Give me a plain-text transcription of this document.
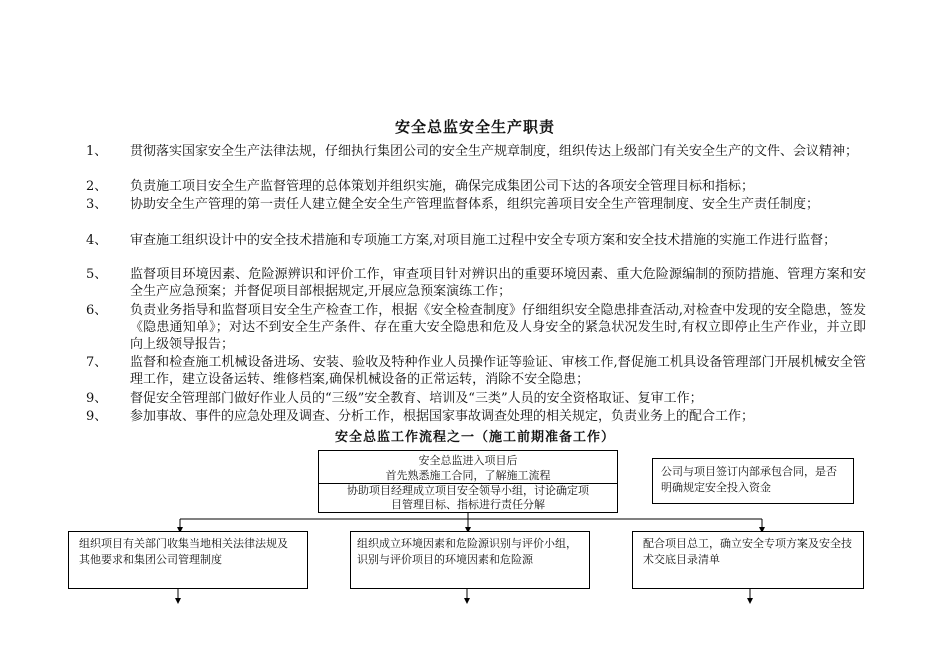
安全总监安全生产职责
1、	贯彻落实国家安全生产法律法规，仔细执行集团公司的安全生产规章制度，组织传达上级部门有关安全生产的文件、会议精神；
2、	负责施工项目安全生产监督管理的总体策划并组织实施，确保完成集团公司下达的各项安全管理目标和指标；
3、	协助安全生产管理的第一责任人建立健全安全生产管理监督体系，组织完善项目安全生产管理制度、安全生产责任制度；
4、	审查施工组织设计中的安全技术措施和专项施工方案,对项目施工过程中安全专项方案和安全技术措施的实施工作进行监督；
5、	监督项目环境因素、危险源辨识和评价工作，审查项目针对辨识出的重要环境因素、重大危险源编制的预防措施、管理方案和安全生产应急预案；并督促项目部根据规定,开展应急预案演练工作；
6、	负责业务指导和监督项目安全生产检查工作，根据《安全检查制度》仔细组织安全隐患排查活动,对检查中发现的安全隐患，签发《隐患通知单》；对达不到安全生产条件、存在重大安全隐患和危及人身安全的紧急状况发生时,有权立即停止生产作业，并立即向上级领导报告；
7、	监督和检查施工机械设备进场、安装、验收及特种作业人员操作证等验证、审核工作,督促施工机具设备管理部门开展机械安全管理工作，建立设备运转、维修档案,确保机械设备的正常运转，消除不安全隐患；
9、	督促安全管理部门做好作业人员的“三级”安全教育、培训及“三类”人员的安全资格取证、复审工作；
9、	参加事故、事件的应急处理及调查、分析工作，根据国家事故调查处理的相关规定，负责业务上的配合工作；
安全总监工作流程之一（施工前期准备工作）
安全总监进入项目后
首先熟悉施工合同，了解施工流程
协助项目经理成立项目安全领导小组，讨论确定项目管理目标、指标进行责任分解
公司与项目签订内部承包合同，是否明确规定安全投入资金
组织项目有关部门收集当地相关法律法规及其他要求和集团公司管理制度
组织成立环境因素和危险源识别与评价小组，识别与评价项目的环境因素和危险源
配合项目总工，确立安全专项方案及安全技术交底目录清单
